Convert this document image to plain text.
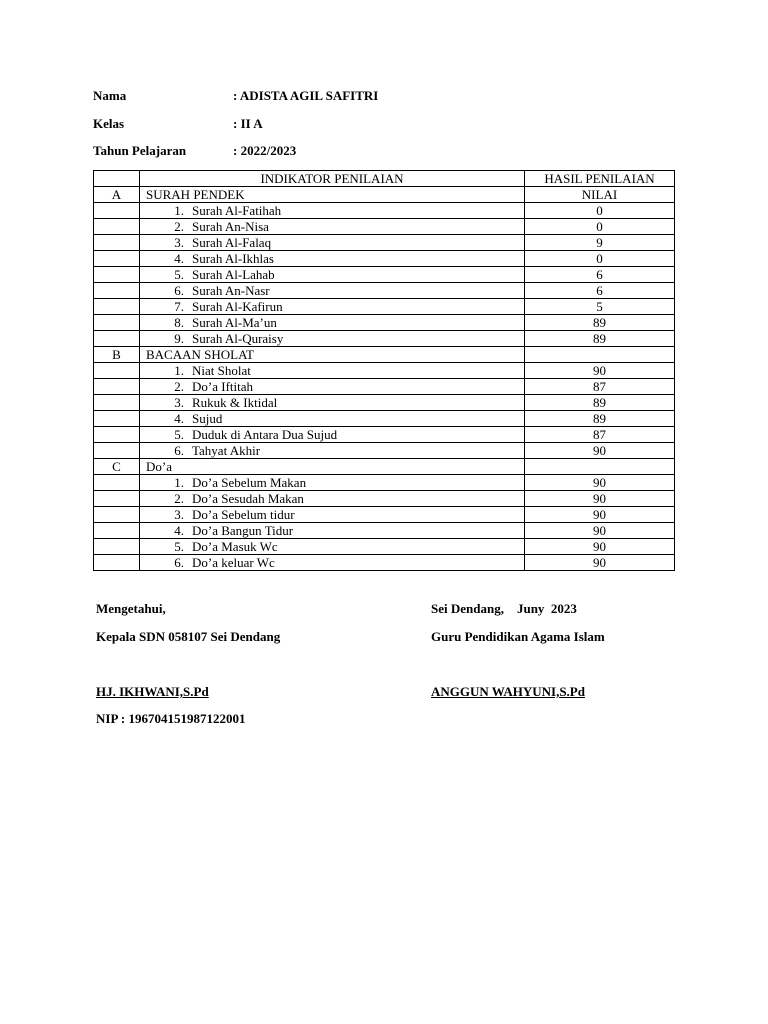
Nama	: ADISTA AGIL SAFITRI
Kelas	: II A
Tahun Pelajaran	: 2022/2023
	INDIKATOR PENILAIAN	HASIL PENILAIAN
A	SURAH PENDEK	NILAI
	1. Surah Al-Fatihah	0
	2. Surah An-Nisa	0
	3. Surah Al-Falaq	9
	4. Surah Al-Ikhlas	0
	5. Surah Al-Lahab	6
	6. Surah An-Nasr	6
	7. Surah Al-Kafirun	5
	8. Surah Al-Ma’un	89
	9. Surah Al-Quraisy	89
B	BACAAN SHOLAT	
	1. Niat Sholat	90
	2. Do’a Iftitah	87
	3. Rukuk & Iktidal	89
	4. Sujud	89
	5. Duduk di Antara Dua Sujud	87
	6. Tahyat Akhir	90
C	Do’a	
	1. Do’a Sebelum Makan	90
	2. Do’a Sesudah Makan	90
	3. Do’a Sebelum tidur	90
	4. Do’a Bangun Tidur	90
	5. Do’a Masuk Wc	90
	6. Do’a keluar Wc	90
Mengetahui,
Kepala SDN 058107 Sei Dendang
HJ. IKHWANI,S.Pd
NIP : 196704151987122001
Sei Dendang,    Juny  2023
Guru Pendidikan Agama Islam
ANGGUN WAHYUNI,S.Pd
